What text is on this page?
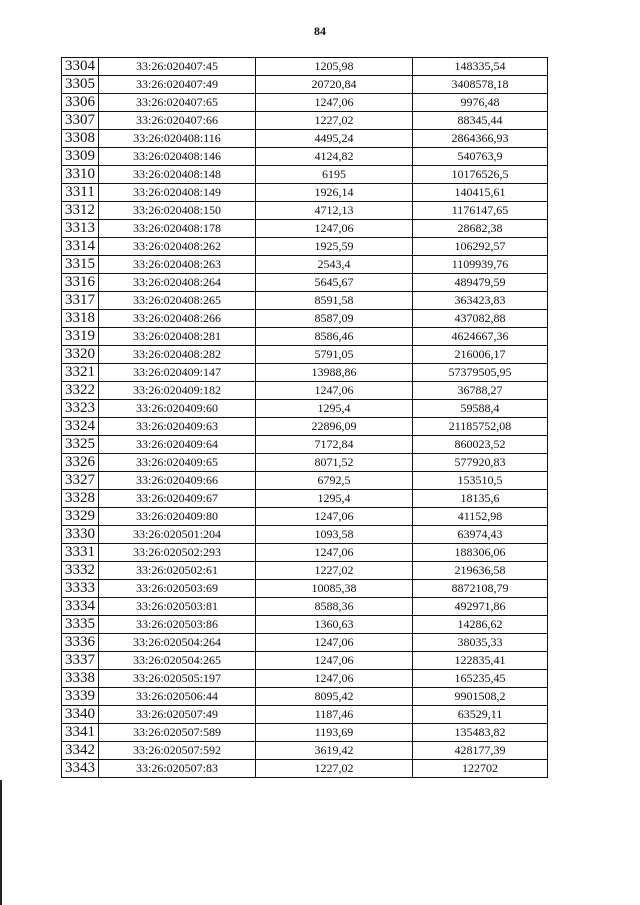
84
3304	33:26:020407:45	1205,98	148335,54
3305	33:26:020407:49	20720,84	3408578,18
3306	33:26:020407:65	1247,06	9976,48
3307	33:26:020407:66	1227,02	88345,44
3308	33:26:020408:116	4495,24	2864366,93
3309	33:26:020408:146	4124,82	540763,9
3310	33:26:020408:148	6195	10176526,5
3311	33:26:020408:149	1926,14	140415,61
3312	33:26:020408:150	4712,13	1176147,65
3313	33:26:020408:178	1247,06	28682,38
3314	33:26:020408:262	1925,59	106292,57
3315	33:26:020408:263	2543,4	1109939,76
3316	33:26:020408:264	5645,67	489479,59
3317	33:26:020408:265	8591,58	363423,83
3318	33:26:020408:266	8587,09	437082,88
3319	33:26:020408:281	8586,46	4624667,36
3320	33:26:020408:282	5791,05	216006,17
3321	33:26:020409:147	13988,86	57379505,95
3322	33:26:020409:182	1247,06	36788,27
3323	33:26:020409:60	1295,4	59588,4
3324	33:26:020409:63	22896,09	21185752,08
3325	33:26:020409:64	7172,84	860023,52
3326	33:26:020409:65	8071,52	577920,83
3327	33:26:020409:66	6792,5	153510,5
3328	33:26:020409:67	1295,4	18135,6
3329	33:26:020409:80	1247,06	41152,98
3330	33:26:020501:204	1093,58	63974,43
3331	33:26:020502:293	1247,06	188306,06
3332	33:26:020502:61	1227,02	219636,58
3333	33:26:020503:69	10085,38	8872108,79
3334	33:26:020503:81	8588,36	492971,86
3335	33:26:020503:86	1360,63	14286,62
3336	33:26:020504:264	1247,06	38035,33
3337	33:26:020504:265	1247,06	122835,41
3338	33:26:020505:197	1247,06	165235,45
3339	33:26:020506:44	8095,42	9901508,2
3340	33:26:020507:49	1187,46	63529,11
3341	33:26:020507:589	1193,69	135483,82
3342	33:26:020507:592	3619,42	428177,39
3343	33:26:020507:83	1227,02	122702
